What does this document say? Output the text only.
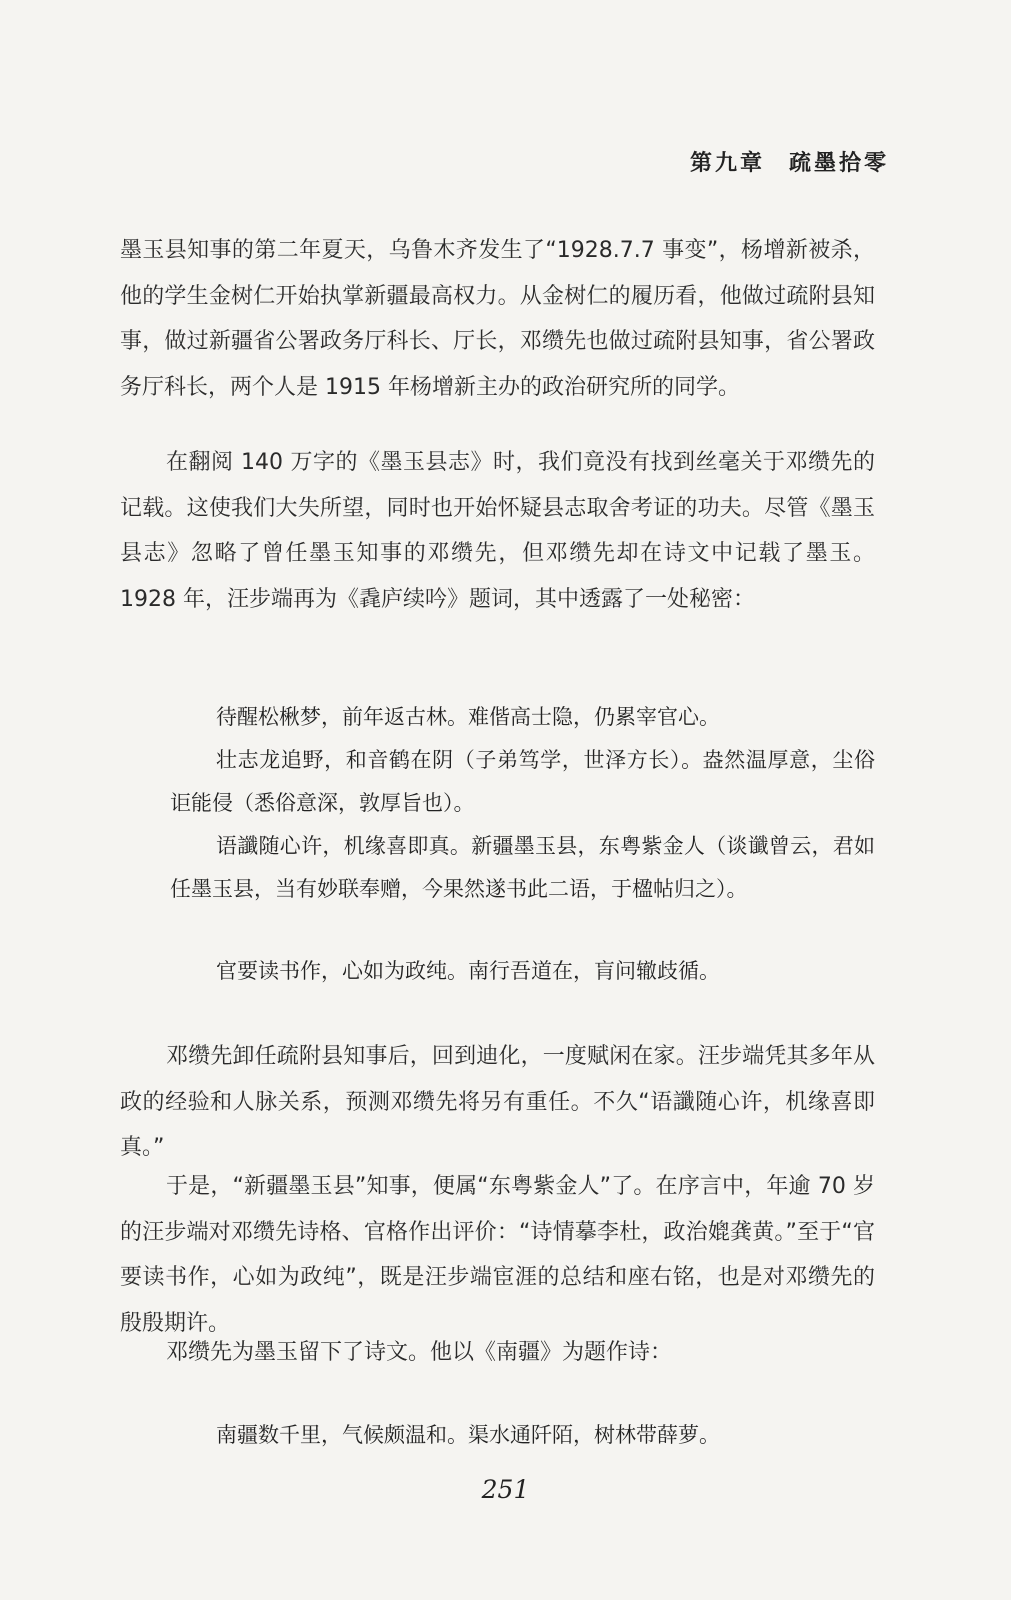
第九章 疏墨拾零

墨玉县知事的第二年夏天，乌鲁木齐发生了“1928.7.7 事变”，杨增新被杀，他的学生金树仁开始执掌新疆最高权力。从金树仁的履历看，他做过疏附县知事，做过新疆省公署政务厅科长、厅长，邓缵先也做过疏附县知事，省公署政务厅科长，两个人是 1915 年杨增新主办的政治研究所的同学。

在翻阅 140 万字的《墨玉县志》时，我们竟没有找到丝毫关于邓缵先的记载。这使我们大失所望，同时也开始怀疑县志取舍考证的功夫。尽管《墨玉县志》忽略了曾任墨玉知事的邓缵先，但邓缵先却在诗文中记载了墨玉。1928 年，汪步端再为《毳庐续吟》题词，其中透露了一处秘密：

待醒松楸梦，前年返古林。难偕高士隐，仍累宰官心。

壮志龙追野，和音鹤在阴（子弟笃学，世泽方长）。盎然温厚意，尘俗讵能侵（悉俗意深，敦厚旨也）。

语讖随心许，机缘喜即真。新疆墨玉县，东粤紫金人（谈谶曾云，君如任墨玉县，当有妙联奉赠，今果然遂书此二语，于楹帖归之）。

官要读书作，心如为政纯。南行吾道在，肓问辙歧循。

邓缵先卸任疏附县知事后，回到迪化，一度赋闲在家。汪步端凭其多年从政的经验和人脉关系，预测邓缵先将另有重任。不久“语讖随心许，机缘喜即真。”

于是，“新疆墨玉县”知事，便属“东粤紫金人”了。在序言中，年逾 70 岁的汪步端对邓缵先诗格、官格作出评价：“诗情摹李杜，政治媲龚黄。”至于“官要读书作，心如为政纯”，既是汪步端宦涯的总结和座右铭，也是对邓缵先的殷殷期许。

邓缵先为墨玉留下了诗文。他以《南疆》为题作诗：

南疆数千里，气候颇温和。渠水通阡陌，树林带薛萝。

251
